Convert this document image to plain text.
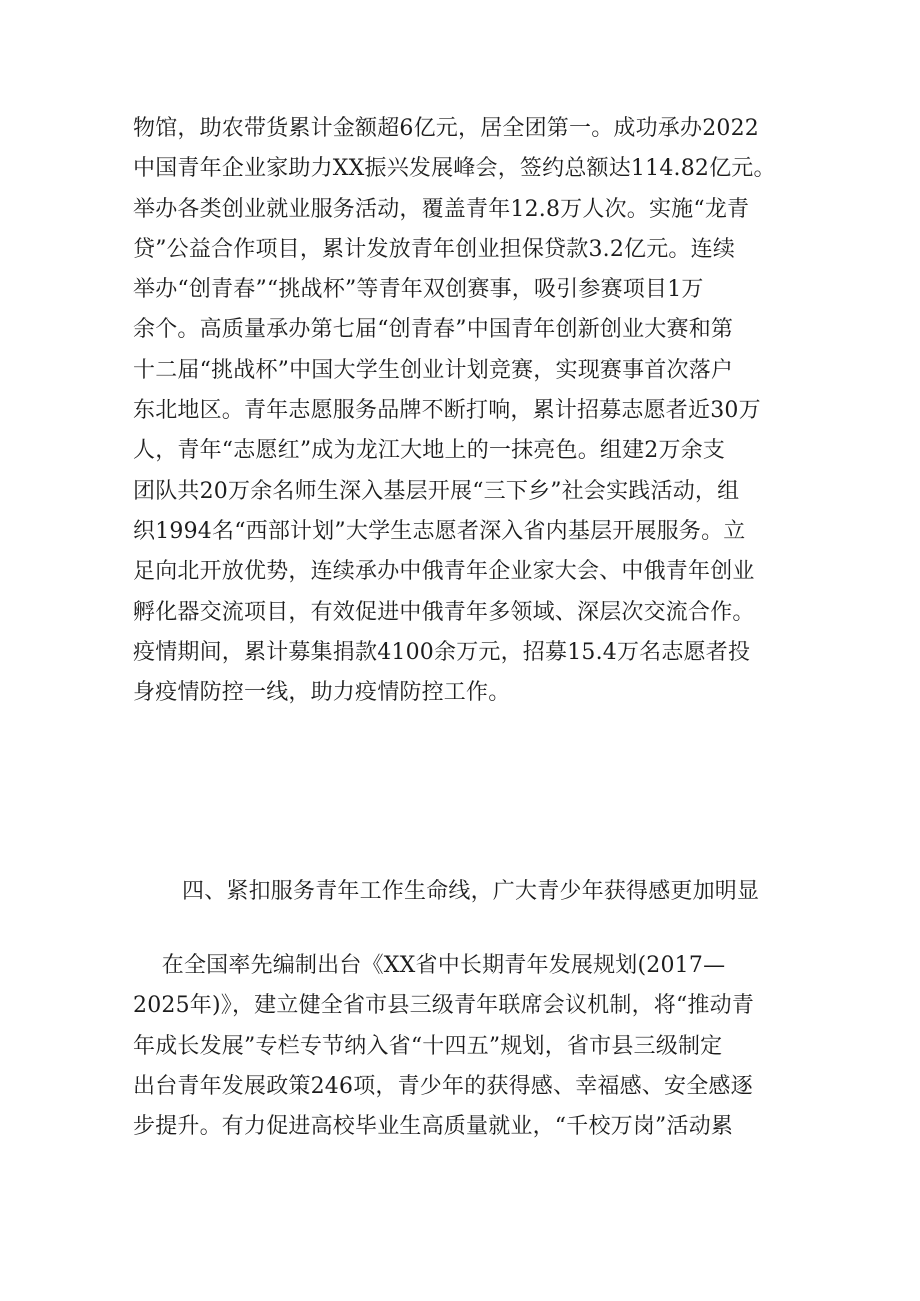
物馆，助农带货累计金额超6亿元，居全团第一。成功承办2022
中国青年企业家助力XX振兴发展峰会，签约总额达114.82亿元。
举办各类创业就业服务活动，覆盖青年12.8万人次。实施“龙青
贷”公益合作项目，累计发放青年创业担保贷款3.2亿元。连续
举办“创青春”“挑战杯”等青年双创赛事，吸引参赛项目1万
余个。高质量承办第七届“创青春”中国青年创新创业大赛和第
十二届“挑战杯”中国大学生创业计划竞赛，实现赛事首次落户
东北地区。青年志愿服务品牌不断打响，累计招募志愿者近30万
人，青年“志愿红”成为龙江大地上的一抹亮色。组建2万余支
团队共20万余名师生深入基层开展“三下乡”社会实践活动，组
织1994名“西部计划”大学生志愿者深入省内基层开展服务。立
足向北开放优势，连续承办中俄青年企业家大会、中俄青年创业
孵化器交流项目，有效促进中俄青年多领域、深层次交流合作。
疫情期间，累计募集捐款4100余万元，招募15.4万名志愿者投
身疫情防控一线，助力疫情防控工作。
四、紧扣服务青年工作生命线，广大青少年获得感更加明显
在全国率先编制出台《XX省中长期青年发展规划(2017—
2025年)》，建立健全省市县三级青年联席会议机制，将“推动青
年成长发展”专栏专节纳入省“十四五”规划，省市县三级制定
出台青年发展政策246项，青少年的获得感、幸福感、安全感逐
步提升。有力促进高校毕业生高质量就业，“千校万岗”活动累
